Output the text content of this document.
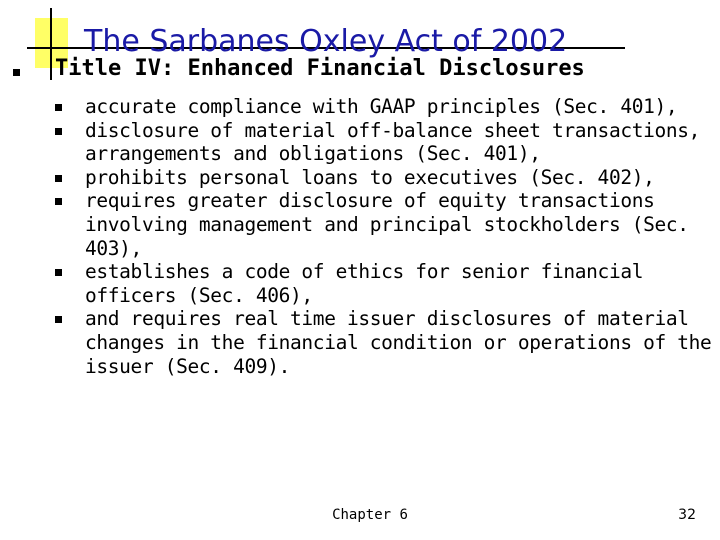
The Sarbanes Oxley Act of 2002
Title IV: Enhanced Financial Disclosures
accurate compliance with GAAP principles (Sec. 401),
disclosure of material off-balance sheet transactions, arrangements and obligations (Sec. 401),
prohibits personal loans to executives (Sec. 402),
requires greater disclosure of equity transactions involving management and principal stockholders (Sec. 403),
establishes a code of ethics for senior financial officers (Sec. 406),
and requires real time issuer disclosures of material changes in the financial condition or operations of the issuer (Sec. 409).
Chapter 6	32
